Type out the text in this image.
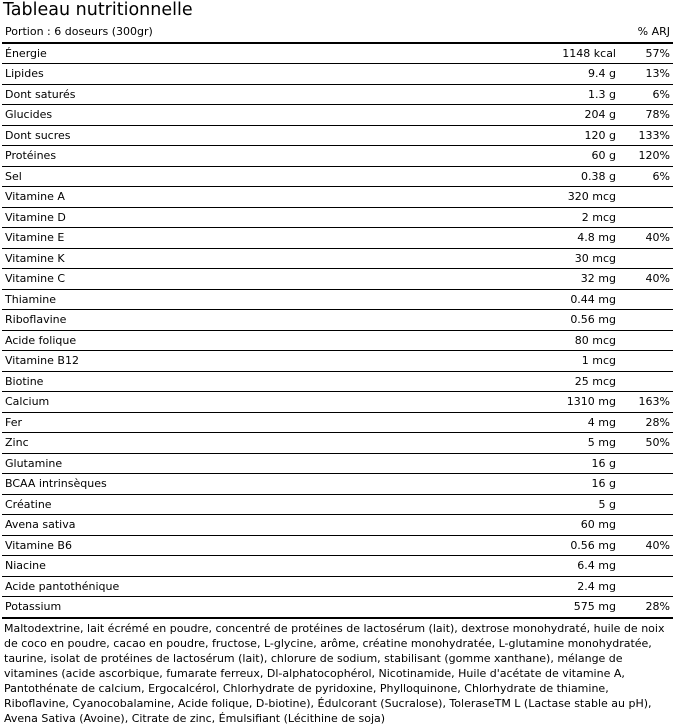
Tableau nutritionnelle
Portion : 6 doseurs (300gr)		% ARJ
Énergie	1148 kcal	57%
Lipides	9.4 g	13%
Dont saturés	1.3 g	6%
Glucides	204 g	78%
Dont sucres	120 g	133%
Protéines	60 g	120%
Sel	0.38 g	6%
Vitamine A	320 mcg	
Vitamine D	2 mcg	
Vitamine E	4.8 mg	40%
Vitamine K	30 mcg	
Vitamine C	32 mg	40%
Thiamine	0.44 mg	
Riboflavine	0.56 mg	
Acide folique	80 mcg	
Vitamine B12	1 mcg	
Biotine	25 mcg	
Calcium	1310 mg	163%
Fer	4 mg	28%
Zinc	5 mg	50%
Glutamine	16 g	
BCAA intrinsèques	16 g	
Créatine	5 g	
Avena sativa	60 mg	
Vitamine B6	0.56 mg	40%
Niacine	6.4 mg	
Acide pantothénique	2.4 mg	
Potassium	575 mg	28%

Maltodextrine, lait écrémé en poudre, concentré de protéines de lactosérum (lait), dextrose monohydraté, huile de noix de coco en poudre, cacao en poudre, fructose, L-glycine, arôme, créatine monohydratée, L-glutamine monohydratée, taurine, isolat de protéines de lactosérum (lait), chlorure de sodium, stabilisant (gomme xanthane), mélange de vitamines (acide ascorbique, fumarate ferreux, Dl-alphatocophérol, Nicotinamide, Huile d'acétate de vitamine A, Pantothénate de calcium, Ergocalcérol, Chlorhydrate de pyridoxine, Phylloquinone, Chlorhydrate de thiamine, Riboflavine, Cyanocobalamine, Acide folique, D-biotine), Édulcorant (Sucralose), ToleraseTM L (Lactase stable au pH), Avena Sativa (Avoine), Citrate de zinc, Émulsifiant (Lécithine de soja)
